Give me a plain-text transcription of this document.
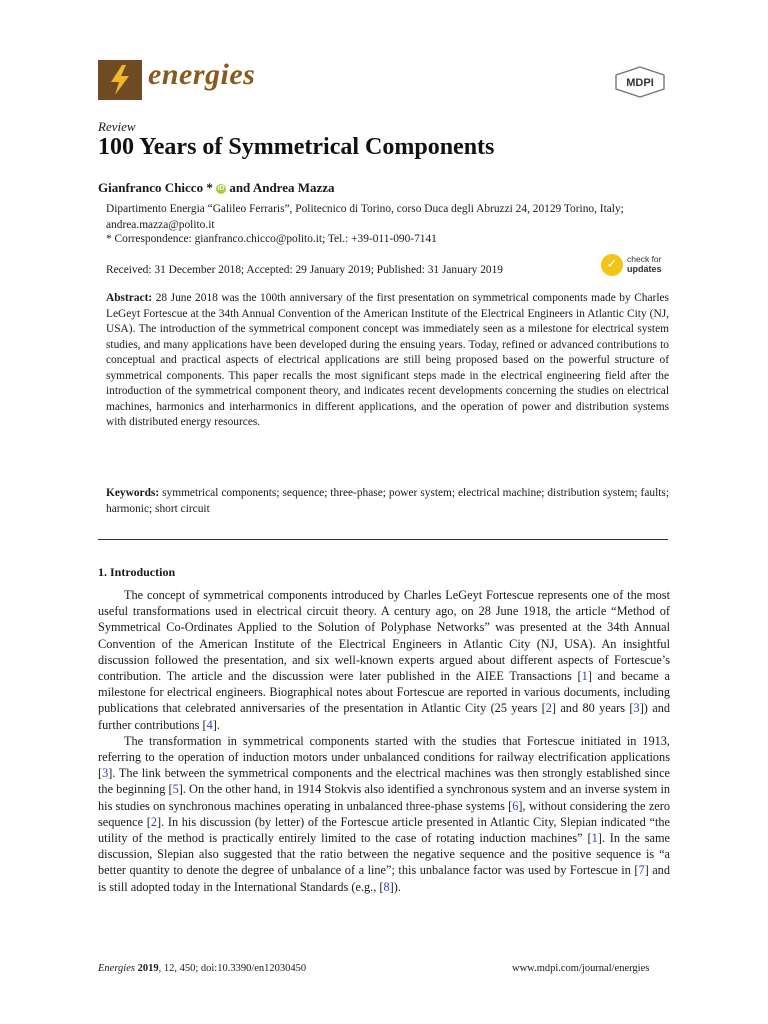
energies	MDPI
Review
100 Years of Symmetrical Components
Gianfranco Chicco * iD and Andrea Mazza
Dipartimento Energia “Galileo Ferraris”, Politecnico di Torino, corso Duca degli Abruzzi 24, 20129 Torino, Italy; andrea.mazza@polito.it
* Correspondence: gianfranco.chicco@polito.it; Tel.: +39-011-090-7141
Received: 31 December 2018; Accepted: 29 January 2019; Published: 31 January 2019	✓	check for
updates

Abstract: 28 June 2018 was the 100th anniversary of the first presentation on symmetrical components made by Charles LeGeyt Fortescue at the 34th Annual Convention of the American Institute of the Electrical Engineers in Atlantic City (NJ, USA). The introduction of the symmetrical component concept was immediately seen as a milestone for electrical system studies, and many applications have been developed during the ensuing years. Today, refined or advanced contributions to conceptual and practical aspects of electrical applications are still being proposed based on the powerful structure of symmetrical components. This paper recalls the most significant steps made in the electrical engineering field after the introduction of the symmetrical component theory, and indicates recent developments concerning the studies on electrical machines, harmonics and interharmonics in different applications, and the operation of power and distribution systems with distributed energy resources.

Keywords: symmetrical components; sequence; three-phase; power system; electrical machine; distribution system; faults; harmonic; short circuit

1. Introduction

The concept of symmetrical components introduced by Charles LeGeyt Fortescue represents one of the most useful transformations used in electrical circuit theory. A century ago, on 28 June 1918, the article “Method of Symmetrical Co-Ordinates Applied to the Solution of Polyphase Networks” was presented at the 34th Annual Convention of the American Institute of the Electrical Engineers in Atlantic City (NJ, USA). An insightful discussion followed the presentation, and six well-known experts argued about different aspects of Fortescue’s contribution. The article and the discussion were later published in the AIEE Transactions [1] and became a milestone for electrical engineers. Biographical notes about Fortescue are reported in various documents, including publications that celebrated anniversaries of the presentation in Atlantic City (25 years [2] and 80 years [3]) and further contributions [4].

The transformation in symmetrical components started with the studies that Fortescue initiated in 1913, referring to the operation of induction motors under unbalanced conditions for railway electrification applications [3]. The link between the symmetrical components and the electrical machines was then strongly established since the beginning [5]. On the other hand, in 1914 Stokvis also identified a synchronous system and an inverse system in his studies on synchronous machines operating in unbalanced three-phase systems [6], without considering the zero sequence [2]. In his discussion (by letter) of the Fortescue article presented in Atlantic City, Slepian indicated “the utility of the method is practically entirely limited to the case of rotating induction machines” [1]. In the same discussion, Slepian also suggested that the ratio between the negative sequence and the positive sequence is “a better quantity to denote the degree of unbalance of a line”; this unbalance factor was used by Fortescue in [7] and is still adopted today in the International Standards (e.g., [8]).

Energies 2019, 12, 450; doi:10.3390/en12030450	www.mdpi.com/journal/energies
